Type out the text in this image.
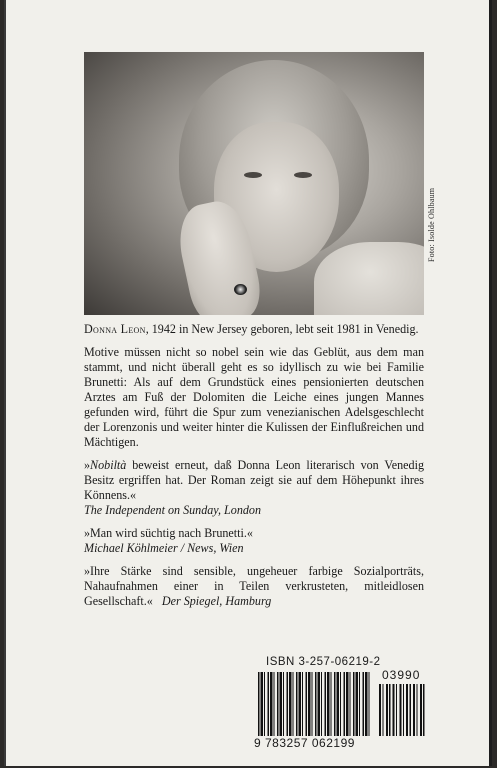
Foto: Isolde Ohlbaum

Donna Leon, 1942 in New Jersey geboren, lebt seit 1981 in Venedig.

Motive müssen nicht so nobel sein wie das Geblüt, aus dem man stammt, und nicht überall geht es so idyllisch zu wie bei Familie Brunetti: Als auf dem Grundstück eines pensionierten deutschen Arztes am Fuß der Dolomiten die Leiche eines jungen Mannes gefunden wird, führt die Spur zum venezianischen Adelsgeschlecht der Lorenzonis und weiter hinter die Kulissen der Einflußreichen und Mächtigen.

»Nobiltà beweist erneut, daß Donna Leon literarisch von Venedig Besitz ergriffen hat. Der Roman zeigt sie auf dem Höhepunkt ihres Könnens.«
The Independent on Sunday, London

»Man wird süchtig nach Brunetti.«
Michael Köhlmeier / News, Wien

»Ihre Stärke sind sensible, ungeheuer farbige Sozialporträts, Nahaufnahmen einer in Teilen verkrusteten, mitleidlosen Gesellschaft.« Der Spiegel, Hamburg

ISBN 3-257-06219-2
03990
9 783257 062199
